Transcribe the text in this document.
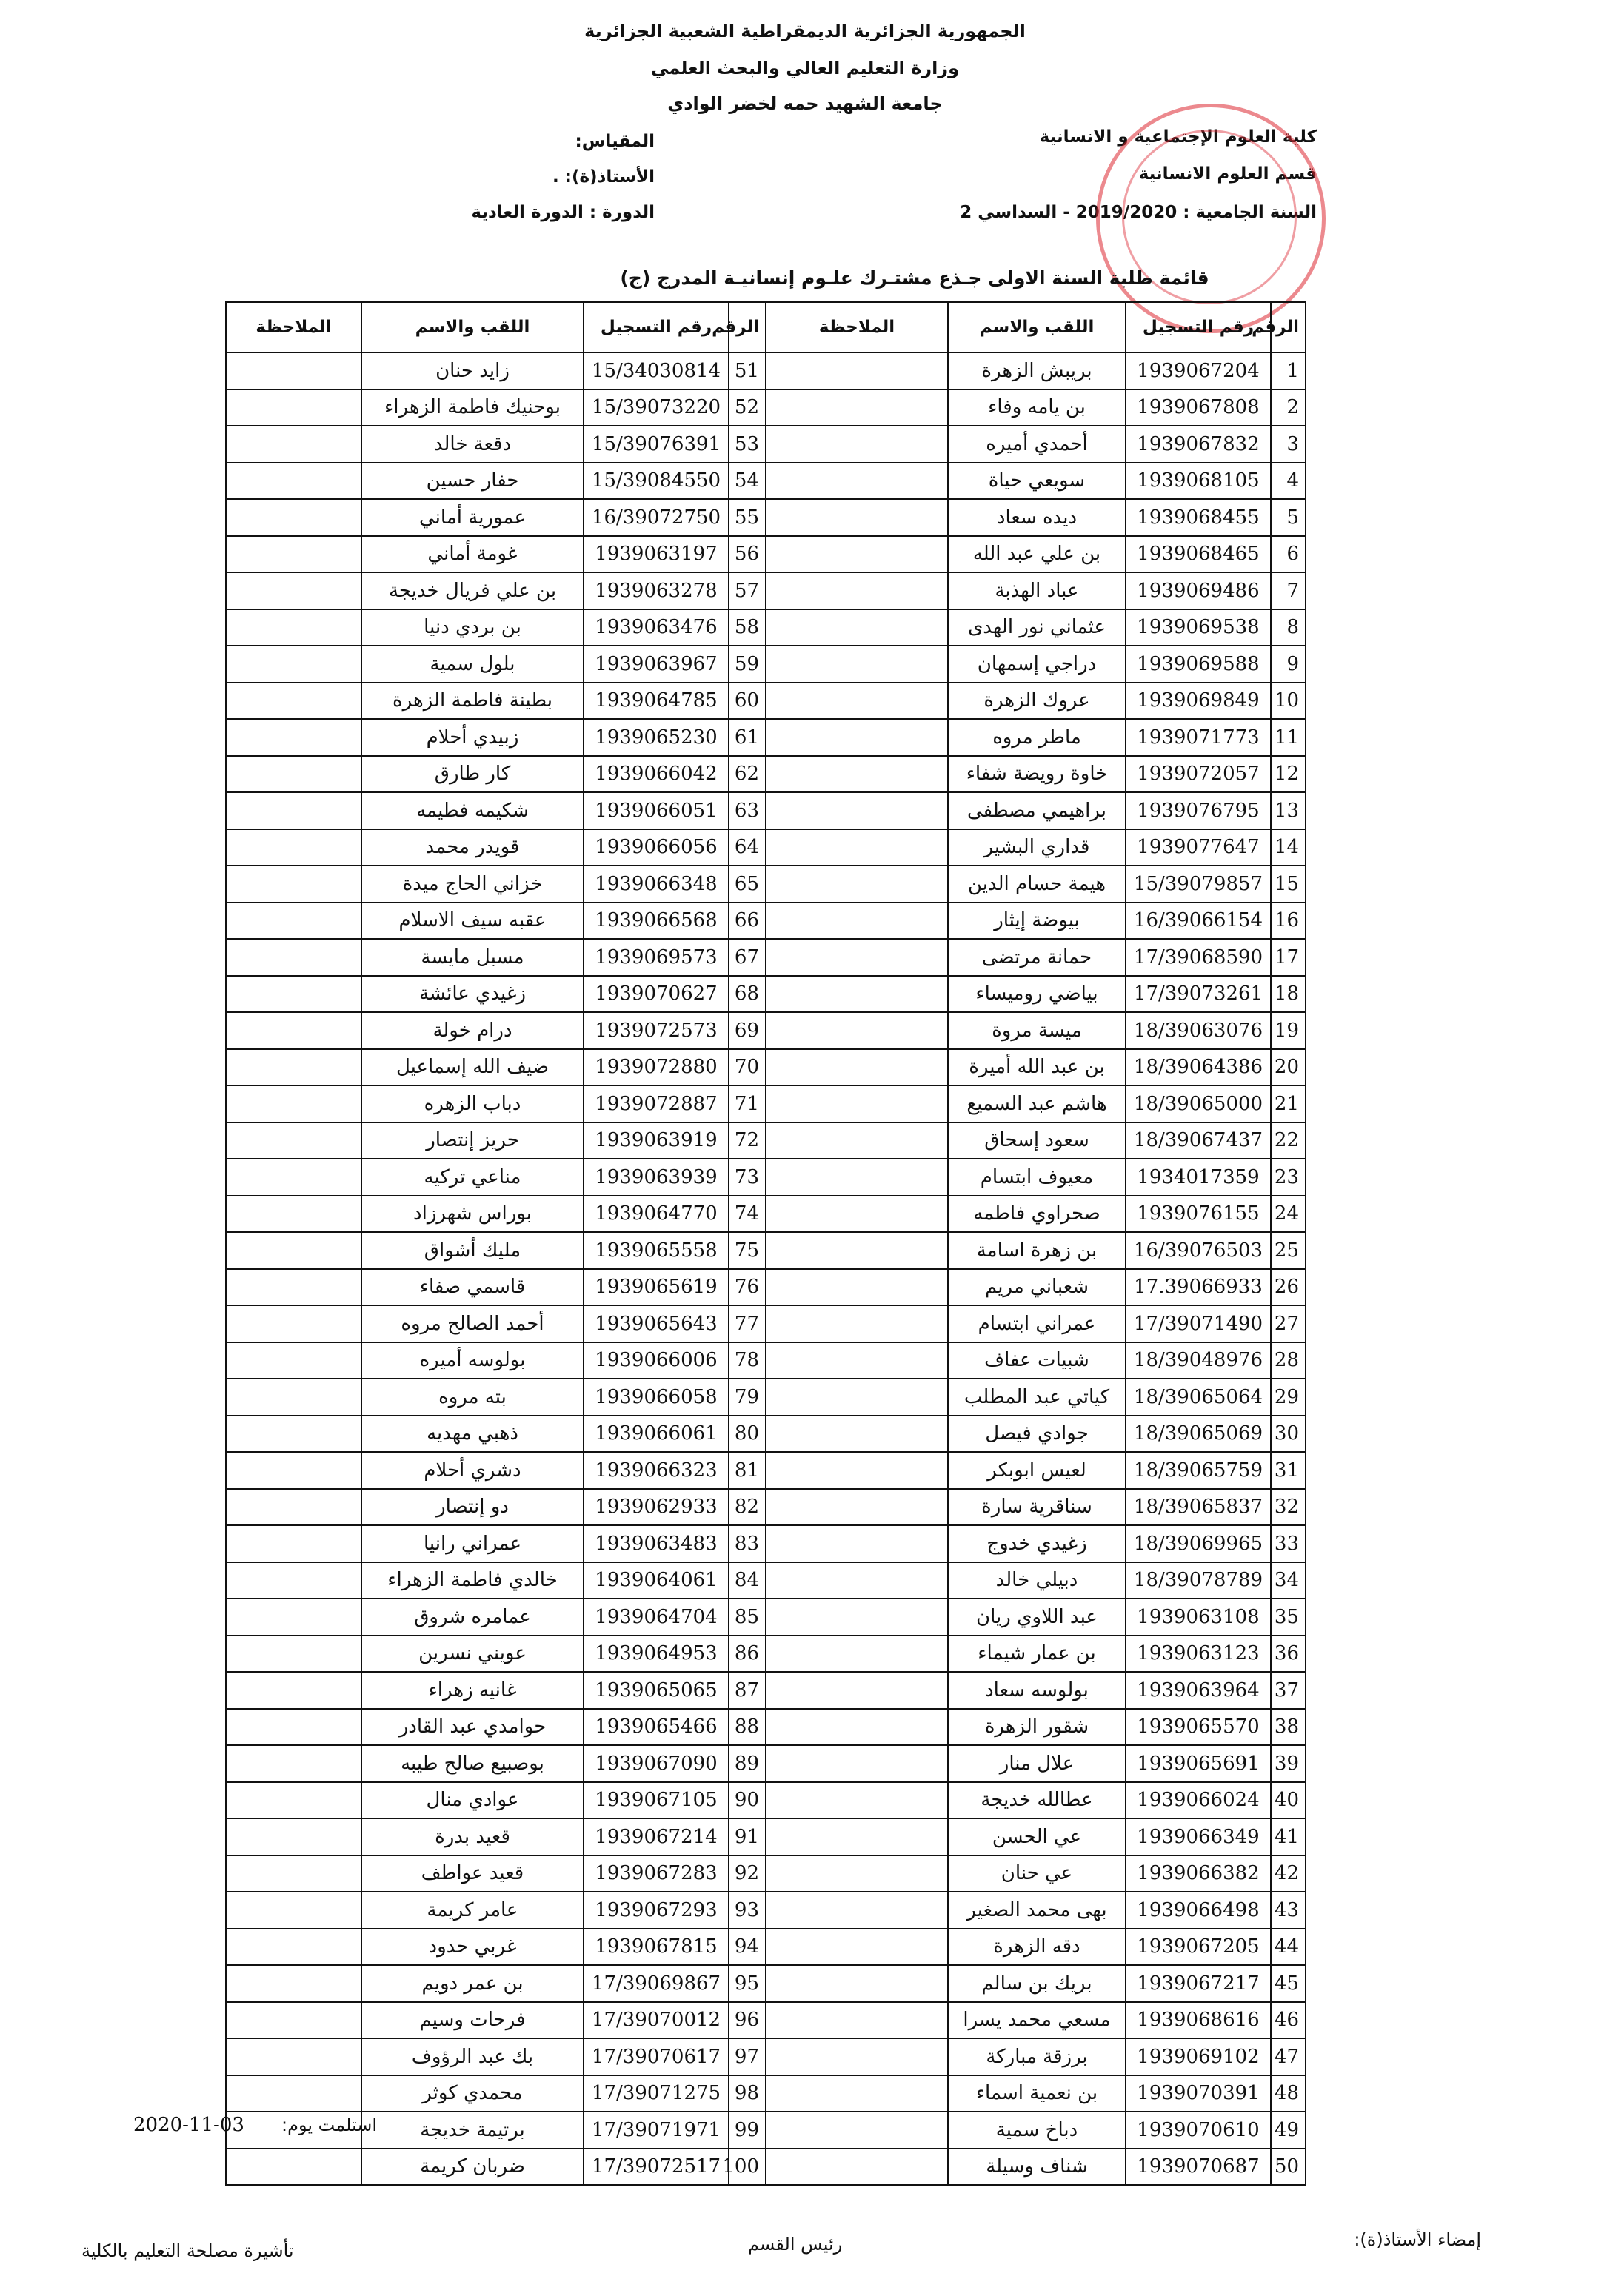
الجمهورية الجزائرية الديمقراطية الشعبية الجزائرية
وزارة التعليم العالي والبحث العلمي
جامعة الشهيد حمه لخضر الوادي
كلية العلوم الإجتماعية و الانسانية
قسم العلوم الانسانية
السنة الجامعية : 2019/2020 - السداسي 2
المقياس:
الأستاذ(ة): .
الدورة : الدورة العادية
قائمة طلبة السنة الاولى جـذع مشتـرك علـوم إنسانيـة المدرج (ج)
الرقم	رقم التسجيل	اللقب والاسم	الملاحظة
1	1939067204	بريبش الزهرة	
2	1939067808	بن يامه وفاء	
3	1939067832	أحمدي أميره	
4	1939068105	سويعي حياة	
5	1939068455	ديده سعاد	
6	1939068465	بن علي عبد الله	
7	1939069486	عباد الهذبة	
8	1939069538	عثماني نور الهدى	
9	1939069588	دراجي إسمهان	
10	1939069849	عروك الزهرة	
11	1939071773	ماطر مروه	
12	1939072057	خاوة رويضة شفاء	
13	1939076795	براهيمي مصطفى	
14	1939077647	قداري البشير	
15	15/39079857	هيمة حسام الدين	
16	16/39066154	بيوضة إيثار	
17	17/39068590	حمانة مرتضى	
18	17/39073261	بياضي روميساء	
19	18/39063076	ميسة مروة	
20	18/39064386	بن عبد الله أميرة	
21	18/39065000	هاشم عبد السميع	
22	18/39067437	سعود إسحاق	
23	1934017359	معيوف ابتسام	
24	1939076155	صحراوي فاطمه	
25	16/39076503	بن زهرة اسامة	
26	17.39066933	شعباني مريم	
27	17/39071490	عمراني ابتسام	
28	18/39048976	شبيات عفاف	
29	18/39065064	كياتي عبد المطلب	
30	18/39065069	جوادي فيصل	
31	18/39065759	لعيس ابوبكر	
32	18/39065837	سناقرية سارة	
33	18/39069965	زغيدي خدوج	
34	18/39078789	دبيلي خالد	
35	1939063108	عبد اللاوي ريان	
36	1939063123	بن عمار شيماء	
37	1939063964	بولوسه سعاد	
38	1939065570	شقور الزهرة	
39	1939065691	علال منار	
40	1939066024	عطالله خديجة	
41	1939066349	عي الحسن	
42	1939066382	عي حنان	
43	1939066498	بهى محمد الصغير	
44	1939067205	دقه الزهرة	
45	1939067217	بريك بن سالم	
46	1939068616	مسعي محمد يسرا	
47	1939069102	برزقة مباركة	
48	1939070391	بن نعمية اسماء	
49	1939070610	دباخ سمية	
50	1939070687	شناف وسيلة	
الرقم	رقم التسجيل	اللقب والاسم	الملاحظة
51	15/34030814	زايد حنان	
52	15/39073220	بوحنيك فاطمة الزهراء	
53	15/39076391	دقعة خالد	
54	15/39084550	حفار حسين	
55	16/39072750	عمورية أماني	
56	1939063197	غومة أماني	
57	1939063278	بن علي فريال خديجة	
58	1939063476	بن بردي دنيا	
59	1939063967	بلول سمية	
60	1939064785	بطينة فاطمة الزهرة	
61	1939065230	زبيدي أحلام	
62	1939066042	كار طارق	
63	1939066051	شكيمه فطيمه	
64	1939066056	قويدر محمد	
65	1939066348	خزاني الحاج ميدة	
66	1939066568	عقبه سيف الاسلام	
67	1939069573	مسبل مايسة	
68	1939070627	زغيدي عائشة	
69	1939072573	درام خولة	
70	1939072880	ضيف الله إسماعيل	
71	1939072887	دباب الزهره	
72	1939063919	حريز إنتصار	
73	1939063939	مناعي تركيه	
74	1939064770	بوراس شهرزاد	
75	1939065558	مليك أشواق	
76	1939065619	قاسمي صفاء	
77	1939065643	أحمد الصالح مروه	
78	1939066006	بولوسه أميره	
79	1939066058	بته مروه	
80	1939066061	ذهبي مهديه	
81	1939066323	دشري أحلام	
82	1939062933	دو إنتصار	
83	1939063483	عمراني رانيا	
84	1939064061	خالدي فاطمة الزهراء	
85	1939064704	عمامره شروق	
86	1939064953	عويني نسرين	
87	1939065065	غانيه زهراء	
88	1939065466	حوامدي عبد القادر	
89	1939067090	بوصبيع صالح طيبه	
90	1939067105	عوادي منال	
91	1939067214	قعيد بدرة	
92	1939067283	قعيد عواطف	
93	1939067293	عامر كريمة	
94	1939067815	غربي حدود	
95	17/39069867	بن عمر دويم	
96	17/39070012	فرحات وسيم	
97	17/39070617	بك عبد الرؤوف	
98	17/39071275	محمدي كوثر	
99	17/39071971	برتيمة خديجة	
100	17/39072517	ضربان كريمة	
2020-11-03 استلمت يوم:
إمضاء الأستاذ(ة):
رئيس القسم
تأشيرة مصلحة التعليم بالكلية
